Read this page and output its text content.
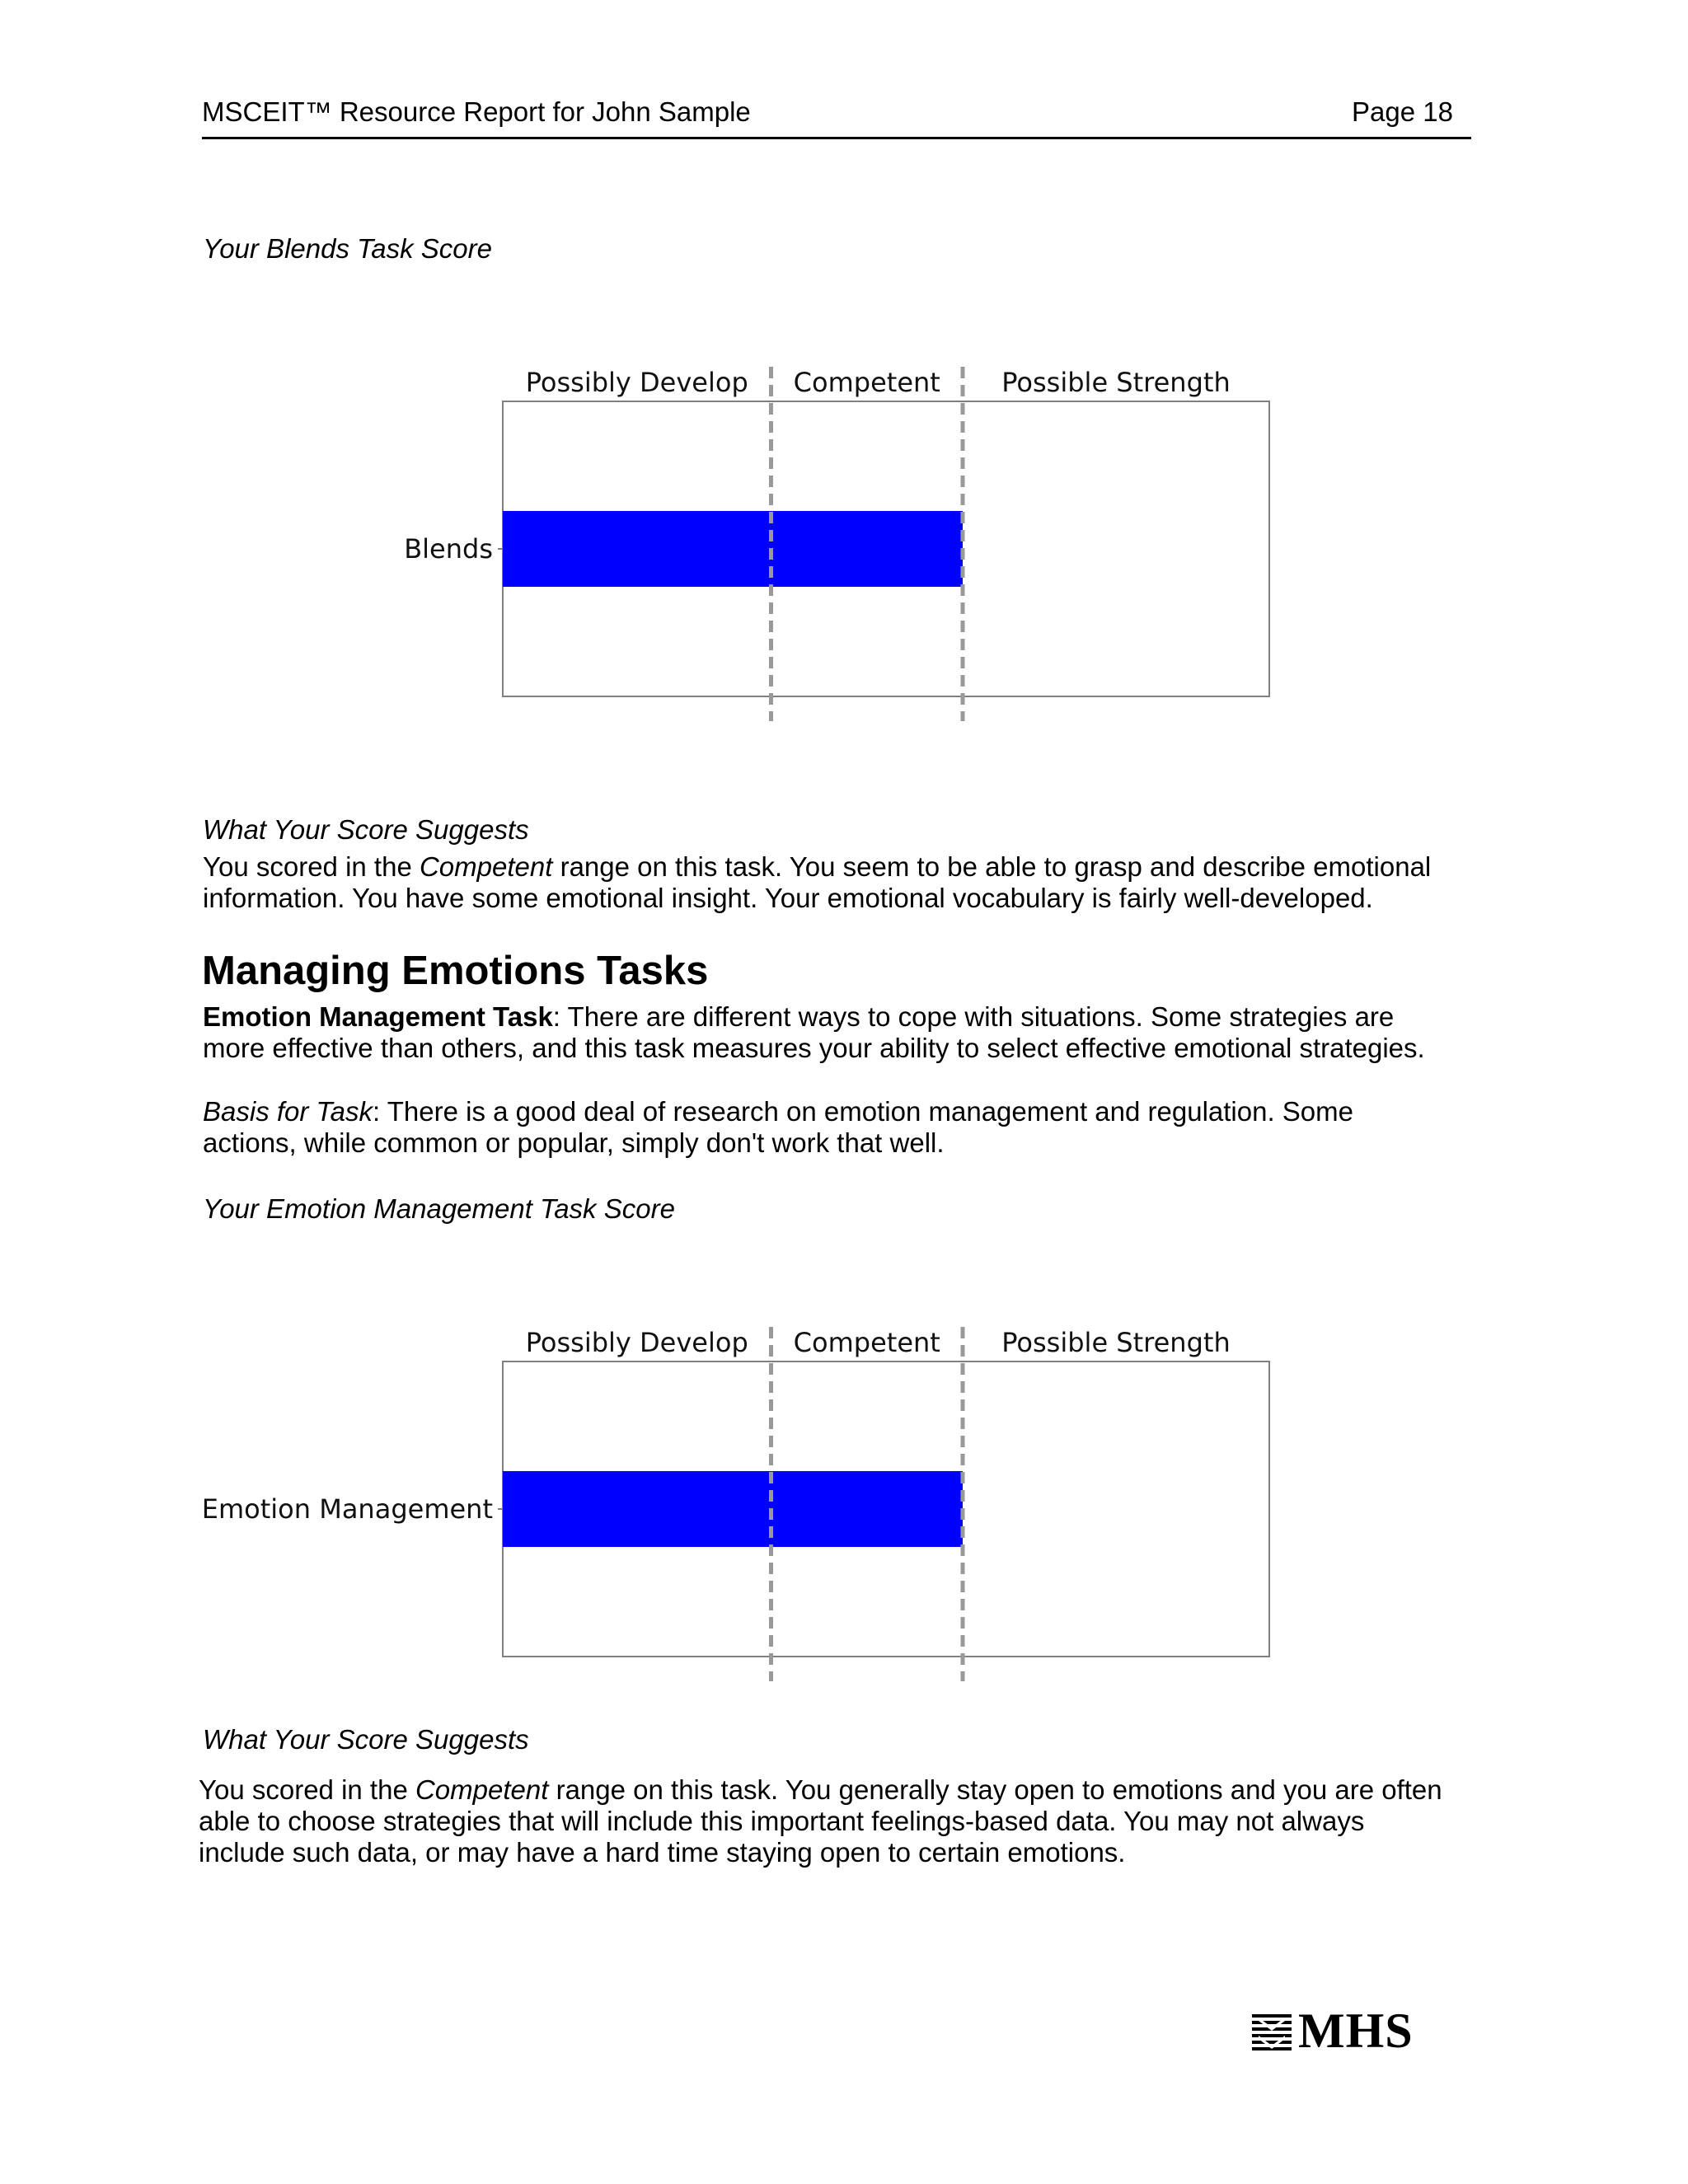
MSCEIT™ Resource Report for John Sample	Page 18
Your Blends Task Score
Blends
Possibly Develop Competent Possible Strength
What Your Score Suggests
You scored in the Competent range on this task. You seem to be able to grasp and describe emotional
information. You have some emotional insight. Your emotional vocabulary is fairly well-developed.
Managing Emotions Tasks
Emotion Management Task: There are different ways to cope with situations. Some strategies are
more effective than others, and this task measures your ability to select effective emotional strategies.
Basis for Task: There is a good deal of research on emotion management and regulation. Some
actions, while common or popular, simply don't work that well.
Your Emotion Management Task Score
Emotion Management
Possibly Develop Competent Possible Strength
What Your Score Suggests
You scored in the Competent range on this task. You generally stay open to emotions and you are often
able to choose strategies that will include this important feelings-based data. You may not always
include such data, or may have a hard time staying open to certain emotions.
MHS
